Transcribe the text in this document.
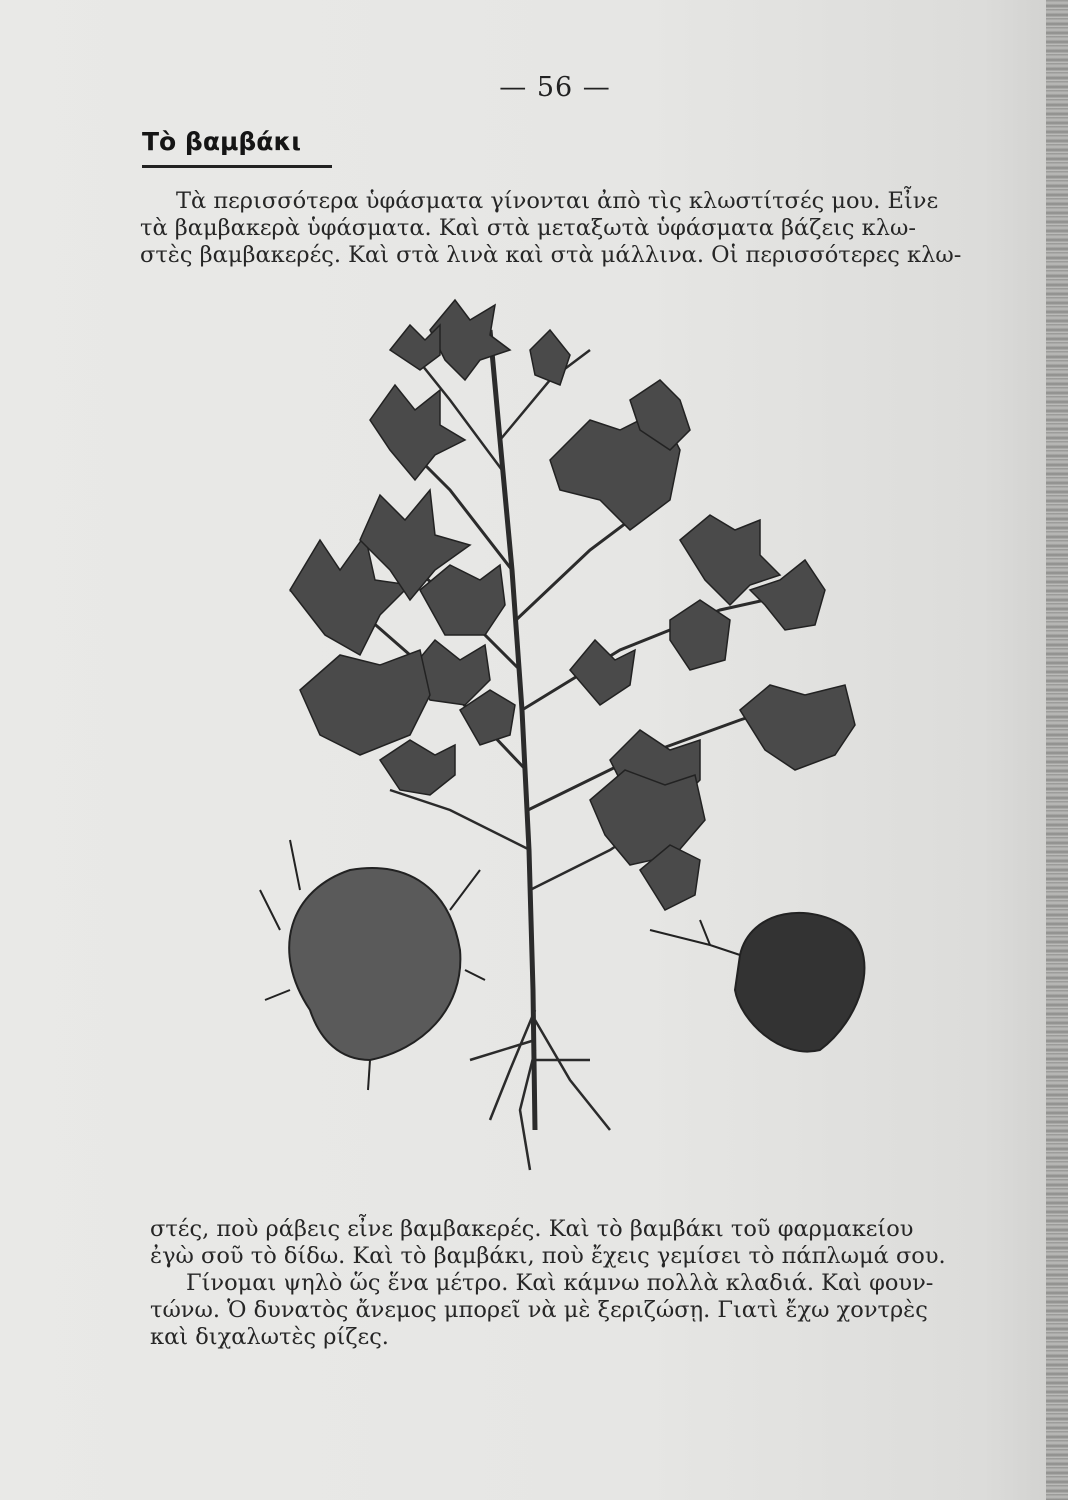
— 56 —
Τὸ βαμβάκι
Τὰ περισσότερα ὑφάσματα γίνονται ἀπὸ τὶς κλωστίτσές μου. Εἶνε
τὰ βαμβακερὰ ὑφάσματα. Καὶ στὰ μεταξωτὰ ὑφάσματα βάζεις κλω-
στὲς βαμβακερές. Καὶ στὰ λινὰ καὶ στὰ μάλλινα. Οἱ περισσότερες κλω-
στές, ποὺ ράβεις εἶνε βαμβακερές. Καὶ τὸ βαμβάκι τοῦ φαρμακείου
ἐγὼ σοῦ τὸ δίδω. Καὶ τὸ βαμβάκι, ποὺ ἔχεις γεμίσει τὸ πάπλωμά σου.
Γίνομαι ψηλὸ ὥς ἕνα μέτρο. Καὶ κάμνω πολλὰ κλαδιά. Καὶ φουν-
τώνω. Ὁ δυνατὸς ἄνεμος μπορεῖ νὰ μὲ ξεριζώσῃ. Γιατὶ ἔχω χοντρὲς
καὶ διχαλωτὲς ρίζες.
